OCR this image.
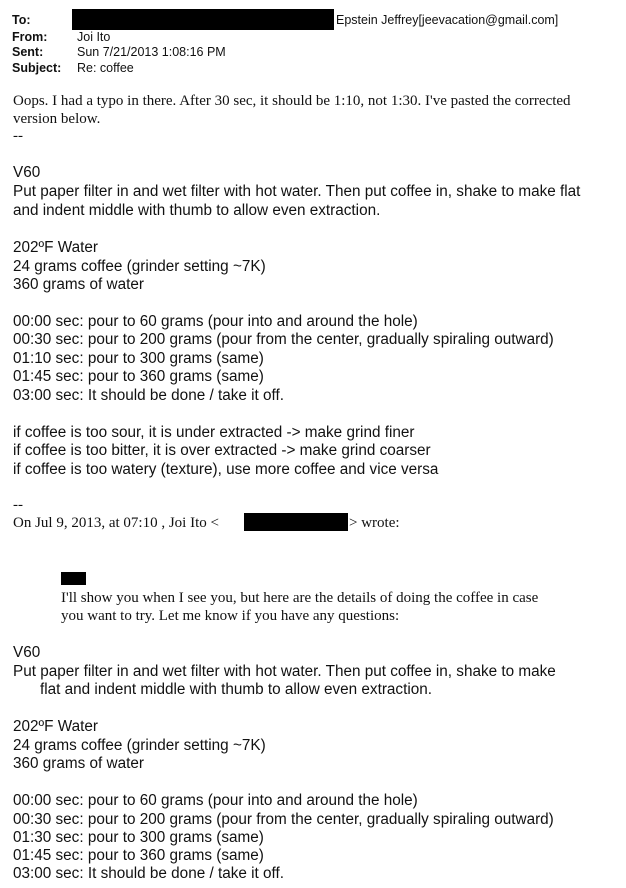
To:	Epstein Jeffrey[jeevacation@gmail.com]
From: Joi Ito
Sent:	Sun 7/21/2013 1:08:16 PM
Subject: Re: coffee
Oops. I had a typo in there. After 30 sec, it should be 1:10, not 1:30. I've pasted the corrected
version below.
--
V60
Put paper filter in and wet filter with hot water. Then put coffee in, shake to make flat
and indent middle with thumb to allow even extraction.
202ºF Water
24 grams coffee (grinder setting ~7K)
360 grams of water
00:00 sec: pour to 60 grams (pour into and around the hole)
00:30 sec: pour to 200 grams (pour from the center, gradually spiraling outward)
01:10 sec: pour to 300 grams (same)
01:45 sec: pour to 360 grams (same)
03:00 sec: It should be done / take it off.
if coffee is too sour, it is under extracted -> make grind finer
if coffee is too bitter, it is over extracted -> make grind coarser
if coffee is too watery (texture), use more coffee and vice versa
--
On Jul 9, 2013, at 07:10 , Joi Ito <	> wrote:
I'll show you when I see you, but here are the details of doing the coffee in case
you want to try. Let me know if you have any questions:
V60
Put paper filter in and wet filter with hot water. Then put coffee in, shake to make
flat and indent middle with thumb to allow even extraction.
202ºF Water
24 grams coffee (grinder setting ~7K)
360 grams of water
00:00 sec: pour to 60 grams (pour into and around the hole)
00:30 sec: pour to 200 grams (pour from the center, gradually spiraling outward)
01:30 sec: pour to 300 grams (same)
01:45 sec: pour to 360 grams (same)
03:00 sec: It should be done / take it off.
